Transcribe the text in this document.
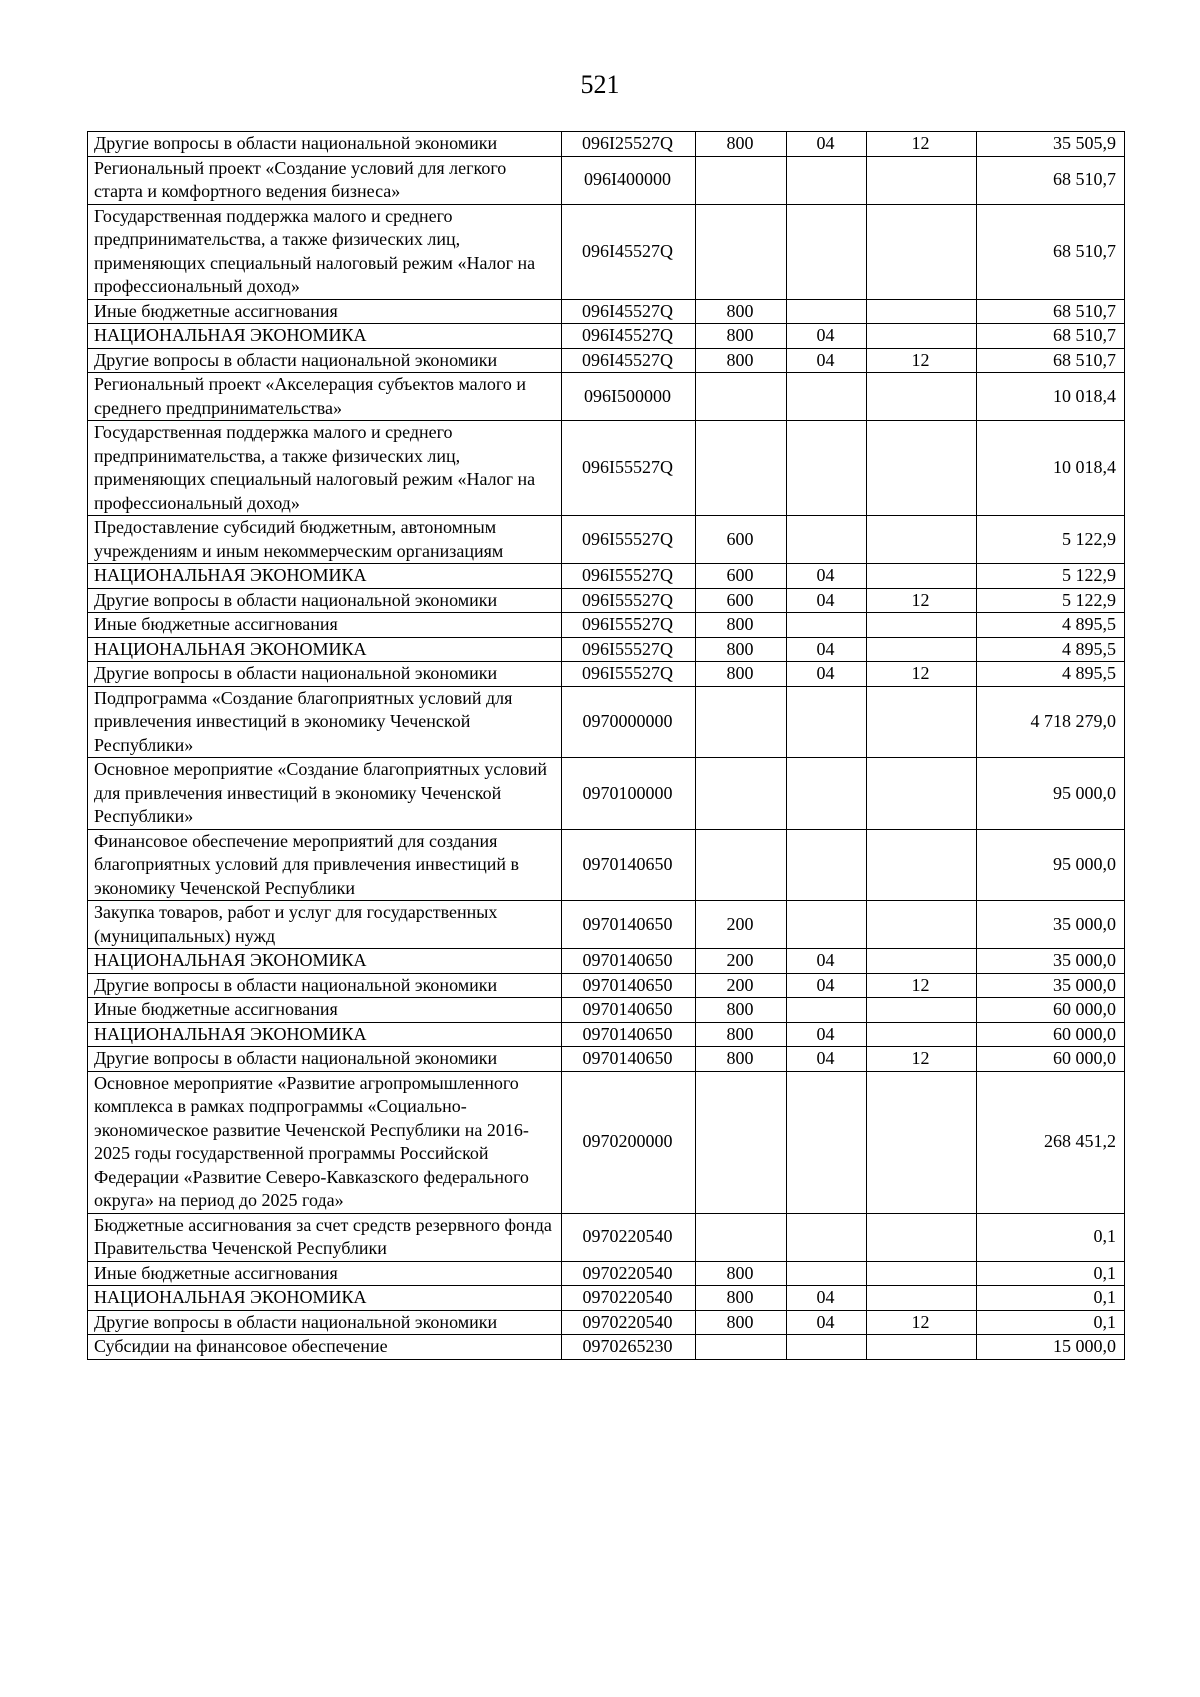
521
Другие вопросы в области национальной экономики	096I25527Q	800	04	12	35 505,9
Региональный проект «Создание условий для легкого старта и комфортного ведения бизнеса»	096I400000				68 510,7
Государственная поддержка малого и среднего предпринимательства, а также физических лиц, применяющих специальный налоговый режим «Налог на профессиональный доход»	096I45527Q				68 510,7
Иные бюджетные ассигнования	096I45527Q	800			68 510,7
НАЦИОНАЛЬНАЯ ЭКОНОМИКА	096I45527Q	800	04		68 510,7
Другие вопросы в области национальной экономики	096I45527Q	800	04	12	68 510,7
Региональный проект «Акселерация субъектов малого и среднего предпринимательства»	096I500000				10 018,4
Государственная поддержка малого и среднего предпринимательства, а также физических лиц, применяющих специальный налоговый режим «Налог на профессиональный доход»	096I55527Q				10 018,4
Предоставление субсидий бюджетным, автономным учреждениям и иным некоммерческим организациям	096I55527Q	600			5 122,9
НАЦИОНАЛЬНАЯ ЭКОНОМИКА	096I55527Q	600	04		5 122,9
Другие вопросы в области национальной экономики	096I55527Q	600	04	12	5 122,9
Иные бюджетные ассигнования	096I55527Q	800			4 895,5
НАЦИОНАЛЬНАЯ ЭКОНОМИКА	096I55527Q	800	04		4 895,5
Другие вопросы в области национальной экономики	096I55527Q	800	04	12	4 895,5
Подпрограмма «Создание благоприятных условий для привлечения инвестиций в экономику Чеченской Республики»	0970000000				4 718 279,0
Основное мероприятие «Создание благоприятных условий для привлечения инвестиций в экономику Чеченской Республики»	0970100000				95 000,0
Финансовое обеспечение мероприятий для создания благоприятных условий для привлечения инвестиций в экономику Чеченской Республики	0970140650				95 000,0
Закупка товаров, работ и услуг для государственных (муниципальных) нужд	0970140650	200			35 000,0
НАЦИОНАЛЬНАЯ ЭКОНОМИКА	0970140650	200	04		35 000,0
Другие вопросы в области национальной экономики	0970140650	200	04	12	35 000,0
Иные бюджетные ассигнования	0970140650	800			60 000,0
НАЦИОНАЛЬНАЯ ЭКОНОМИКА	0970140650	800	04		60 000,0
Другие вопросы в области национальной экономики	0970140650	800	04	12	60 000,0
Основное мероприятие «Развитие агропромышленного комплекса в рамках подпрограммы «Социально-экономическое развитие Чеченской Республики на 2016-2025 годы государственной программы Российской Федерации «Развитие Северо-Кавказского федерального округа» на период до 2025 года»	0970200000				268 451,2
Бюджетные ассигнования за счет средств резервного фонда Правительства Чеченской Республики	0970220540				0,1
Иные бюджетные ассигнования	0970220540	800			0,1
НАЦИОНАЛЬНАЯ ЭКОНОМИКА	0970220540	800	04		0,1
Другие вопросы в области национальной экономики	0970220540	800	04	12	0,1
Субсидии на финансовое обеспечение	0970265230				15 000,0
